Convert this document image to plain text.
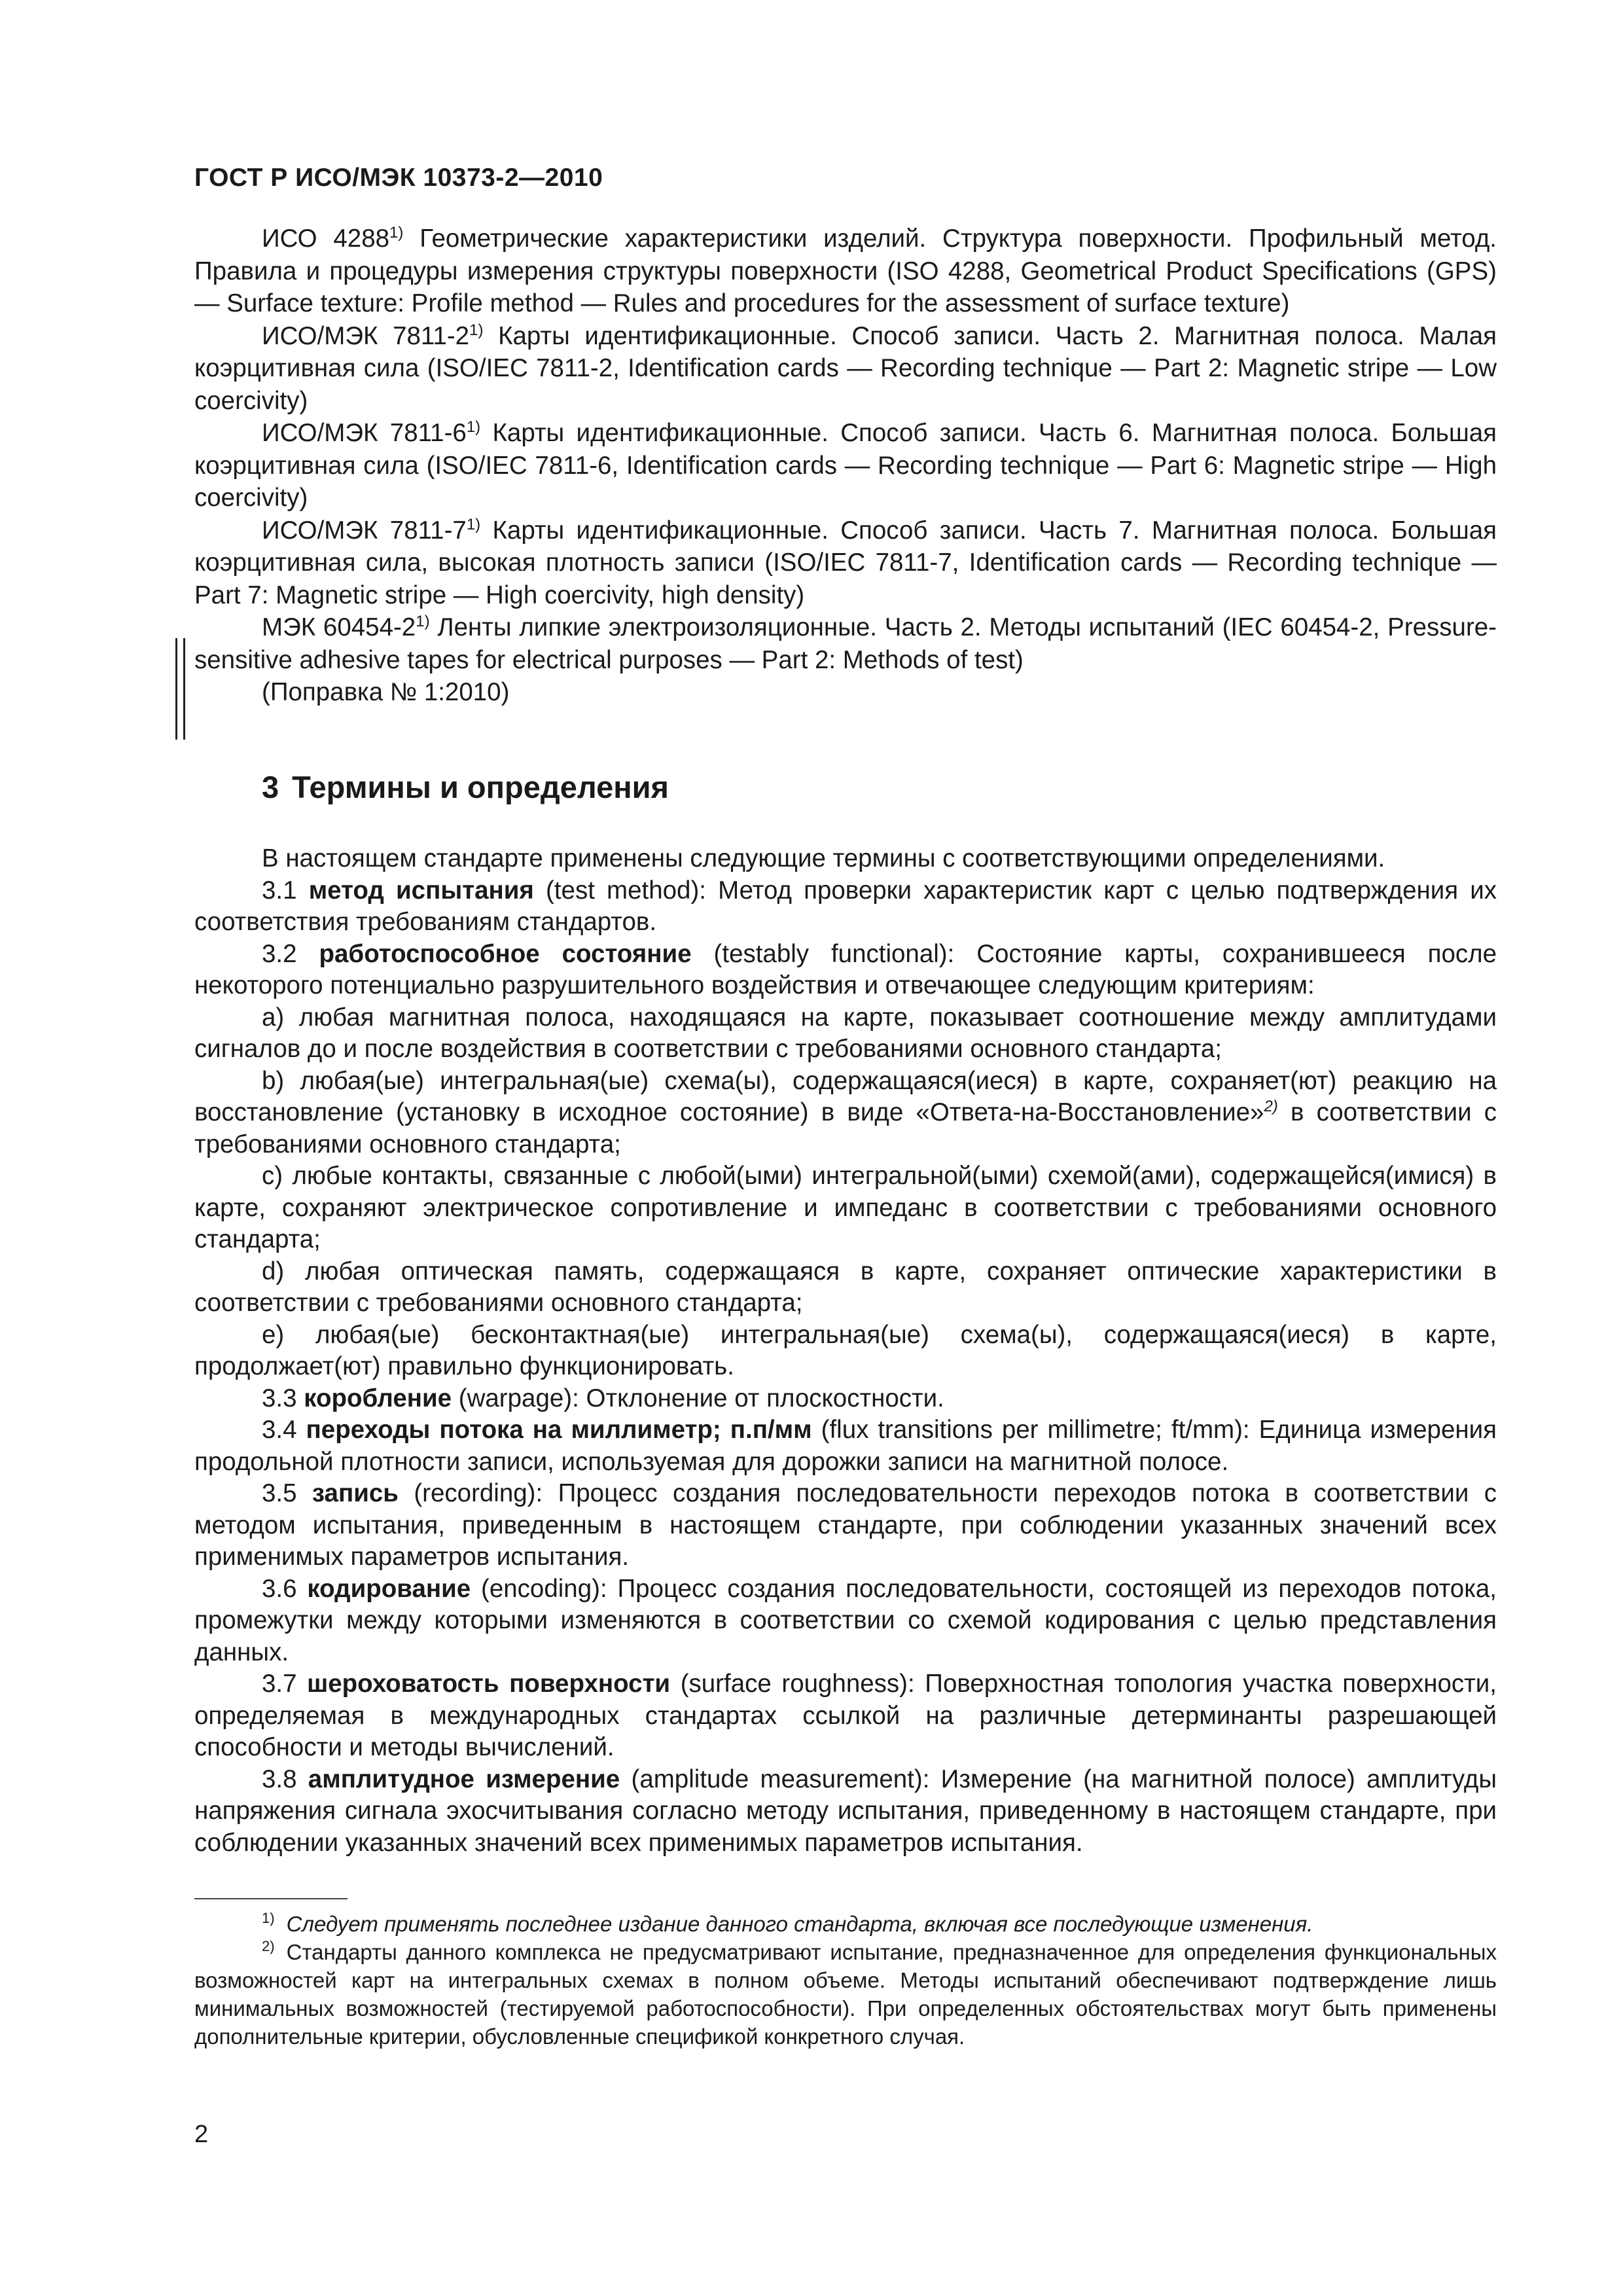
ГОСТ Р ИСО/МЭК 10373-2—2010

ИСО 4288$^{1)}$ Геометрические характеристики изделий. Структура поверхности. Профильный метод. Правила и процедуры измерения структуры поверхности (ISO 4288, Geometrical Product Specifications (GPS) — Surface texture: Profile method — Rules and procedures for the assessment of surface texture)

ИСО/МЭК 7811-2$^{1)}$ Карты идентификационные. Способ записи. Часть 2. Магнитная полоса. Малая коэрцитивная сила (ISO/IEC 7811-2, Identification cards — Recording technique — Part 2: Magnetic stripe — Low coercivity)

ИСО/МЭК 7811-6$^{1)}$ Карты идентификационные. Способ записи. Часть 6. Магнитная полоса. Большая коэрцитивная сила (ISO/IEC 7811-6, Identification cards — Recording technique — Part 6: Magnetic stripe — High coercivity)

ИСО/МЭК 7811-7$^{1)}$ Карты идентификационные. Способ записи. Часть 7. Магнитная полоса. Большая коэрцитивная сила, высокая плотность записи (ISO/IEC 7811-7, Identification cards — Recording technique — Part 7: Magnetic stripe — High coercivity, high density)

МЭК 60454-2$^{1)}$ Ленты липкие электроизоляционные. Часть 2. Методы испытаний (IEC 60454-2, Pressure-sensitive adhesive tapes for electrical purposes — Part 2: Methods of test)

(Поправка № 1:2010)

3 Термины и определения

В настоящем стандарте применены следующие термины с соответствующими определениями.

3.1 метод испытания (test method): Метод проверки характеристик карт с целью подтверждения их соответствия требованиям стандартов.

3.2 работоспособное состояние (testably functional): Состояние карты, сохранившееся после некоторого потенциально разрушительного воздействия и отвечающее следующим критериям:

a) любая магнитная полоса, находящаяся на карте, показывает соотношение между амплитудами сигналов до и после воздействия в соответствии с требованиями основного стандарта;

b) любая(ые) интегральная(ые) схема(ы), содержащаяся(иеся) в карте, сохраняет(ют) реакцию на восстановление (установку в исходное состояние) в виде «Ответа-на-Восстановление»$^{2)}$ в соответствии с требованиями основного стандарта;

c) любые контакты, связанные с любой(ыми) интегральной(ыми) схемой(ами), содержащейся(имися) в карте, сохраняют электрическое сопротивление и импеданс в соответствии с требованиями основного стандарта;

d) любая оптическая память, содержащаяся в карте, сохраняет оптические характеристики в соответствии с требованиями основного стандарта;

e) любая(ые) бесконтактная(ые) интегральная(ые) схема(ы), содержащаяся(иеся) в карте, продолжает(ют) правильно функционировать.

3.3 коробление (warpage): Отклонение от плоскостности.

3.4 переходы потока на миллиметр; п.п/мм (flux transitions per millimetre; ft/mm): Единица измерения продольной плотности записи, используемая для дорожки записи на магнитной полосе.

3.5 запись (recording): Процесс создания последовательности переходов потока в соответствии с методом испытания, приведенным в настоящем стандарте, при соблюдении указанных значений всех применимых параметров испытания.

3.6 кодирование (encoding): Процесс создания последовательности, состоящей из переходов потока, промежутки между которыми изменяются в соответствии со схемой кодирования с целью представления данных.

3.7 шероховатость поверхности (surface roughness): Поверхностная топология участка поверхности, определяемая в международных стандартах ссылкой на различные детерминанты разрешающей способности и методы вычислений.

3.8 амплитудное измерение (amplitude measurement): Измерение (на магнитной полосе) амплитуды напряжения сигнала эхосчитывания согласно методу испытания, приведенному в настоящем стандарте, при соблюдении указанных значений всех применимых параметров испытания.

$^{1)}$ Следует применять последнее издание данного стандарта, включая все последующие изменения.

$^{2)}$ Стандарты данного комплекса не предусматривают испытание, предназначенное для определения функциональных возможностей карт на интегральных схемах в полном объеме. Методы испытаний обеспечивают подтверждение лишь минимальных возможностей (тестируемой работоспособности). При определенных обстоятельствах могут быть применены дополнительные критерии, обусловленные спецификой конкретного случая.

2
